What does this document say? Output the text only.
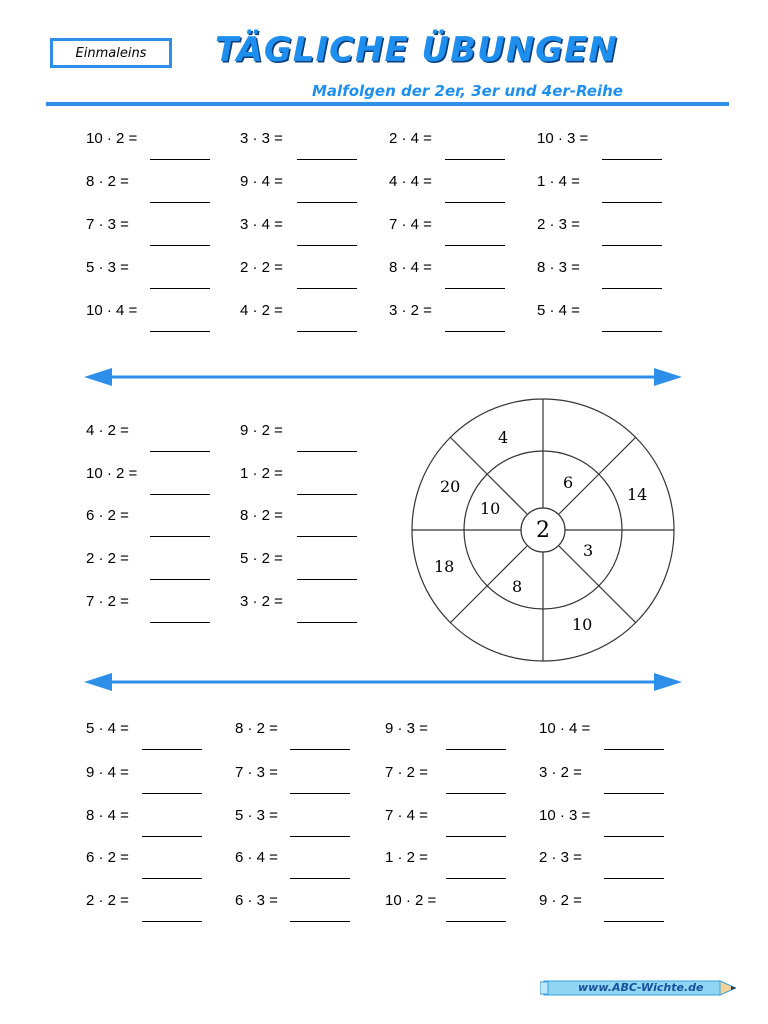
Einmaleins TÄGLICHE ÜBUNGEN
Malfolgen der 2er, 3er und 4er-Reihe
10 · 2 =	3 · 3 =	2 · 4 =	10 · 3 =
8 · 2 =	9 · 4 =	4 · 4 =	1 · 4 =
7 · 3 =	3 · 4 =	7 · 4 =	2 · 3 =
5 · 3 =	2 · 2 =	8 · 4 =	8 · 3 =
10 · 4 =	4 · 2 =	3 · 2 =	5 · 4 =
4 · 2 =	9 · 2 =
10 · 2 =	1 · 2 =
6 · 2 =	8 · 2 =
2 · 2 =	5 · 2 =
7 · 2 =	3 · 2 =
2
6
3
8
10
4
14
10
18
20
5 · 4 =	8 · 2 =	9 · 3 =	10 · 4 =
9 · 4 =	7 · 3 =	7 · 2 =	3 · 2 =
8 · 4 =	5 · 3 =	7 · 4 =	10 · 3 =
6 · 2 =	6 · 4 =	1 · 2 =	2 · 3 =
2 · 2 =	6 · 3 =	10 · 2 =	9 · 2 =
www.ABC-Wichte.de
